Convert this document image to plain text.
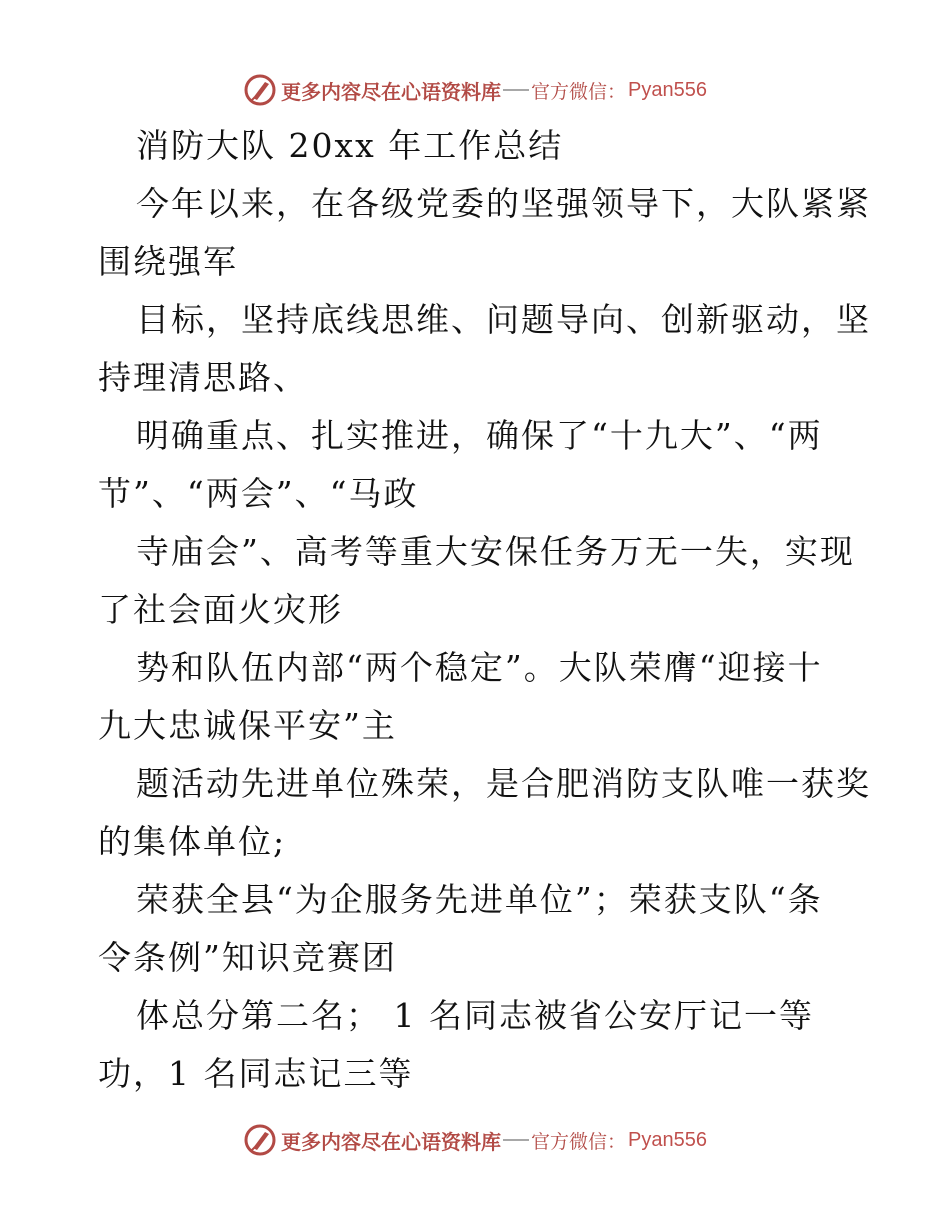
更多内容尽在心语资料库 官方微信： Pyan556
消防大队 20xx 年工作总结
今年以来，在各级党委的坚强领导下，大队紧紧
围绕强军
目标，坚持底线思维、问题导向、创新驱动，坚
持理清思路、
明确重点、扎实推进，确保了“十九大”、“两
节”、“两会”、“马政
寺庙会”、高考等重大安保任务万无一失，实现
了社会面火灾形
势和队伍内部“两个稳定”。大队荣膺“迎接十
九大忠诚保平安”主
题活动先进单位殊荣，是合肥消防支队唯一获奖
的集体单位;
荣获全县“为企服务先进单位”；荣获支队“条
令条例”知识竞赛团
体总分第二名； 1 名同志被省公安厅记一等
功，1 名同志记三等
更多内容尽在心语资料库 官方微信： Pyan556
